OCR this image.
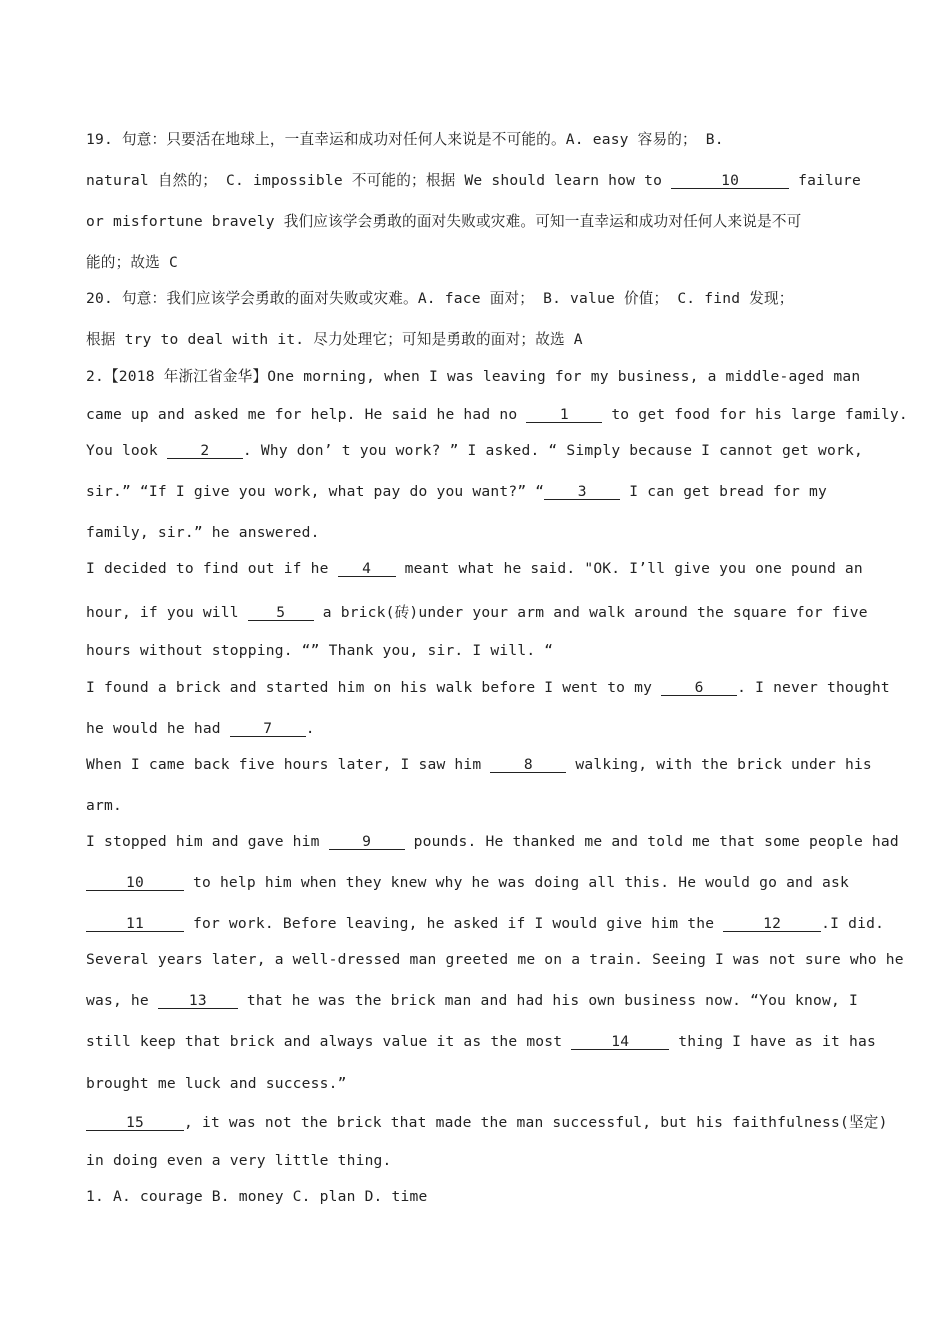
19. 句意：只要活在地球上，一直幸运和成功对任何人来说是不可能的。A. easy 容易的； B.
natural 自然的； C. impossible 不可能的；根据 We should learn how to	10	failure
or misfortune bravely 我们应该学会勇敢的面对失败或灾难。可知一直幸运和成功对任何人来说是不可
能的；故选 C
20. 句意：我们应该学会勇敢的面对失败或灾难。A. face 面对； B. value 价值； C. find 发现；
根据 try to deal with it. 尽力处理它；可知是勇敢的面对；故选 A
2.【2018 年浙江省金华】One morning, when I was leaving for my business, a middle-aged man
came up and asked me for help. He said he had no 1 to get food for his large family.
You look 2 . Why don’ t you work? ” I asked. “ Simply because I cannot get work,
sir.” “If I give you work, what pay do you want?” “ 3 I can get bread for my
family, sir.” he answered.
I decided to find out if he 4 meant what he said. "OK. I’ll give you one pound an
hour, if you will 5 a brick(砖)under your arm and walk around the square for five
hours without stopping. “” Thank you, sir. I will. “
I found a brick and started him on his walk before I went to my 6 . I never thought
he would he had 7 .
When I came back five hours later, I saw him 8 walking, with the brick under his
arm.
I stopped him and gave him 9 pounds. He thanked me and told me that some people had
10	to help him when they knew why he was doing all this. He would go and ask
11	for work. Before leaving, he asked if I would give him the	12	.I did.
Several years later, a well-dressed man greeted me on a train. Seeing I was not sure who he
was, he 13 that he was the brick man and had his own business now. “You know, I
still keep that brick and always value it as the most	14	thing I have as it has
brought me luck and success.”
15	, it was not the brick that made the man successful, but his faithfulness(坚定)
in doing even a very little thing.
1. A. courage B. money C. plan D. time
